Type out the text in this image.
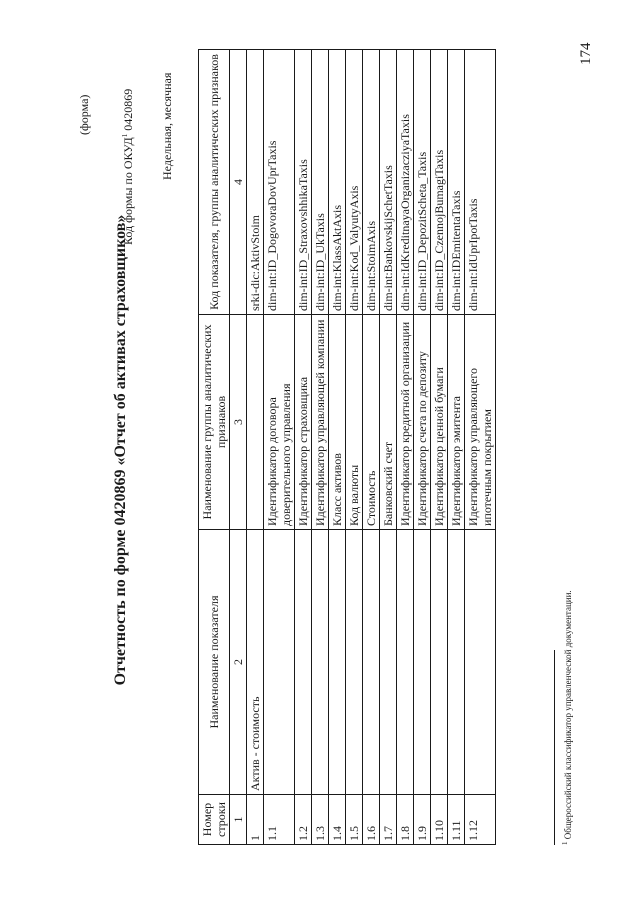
(форма)
Отчетность по форме 0420869 «Отчет об активах страховщиков»
Код формы по ОКУД$^1$ 0420869 Недельная, месячная
Номер строки	Наименование показателя	Наименование группы аналитических признаков	Код показателя, группы аналитических признаков
1	2	3	4
1	Актив - стоимость		srki-dic:AktivStoim
1.1		Идентификатор договора доверительного управления	dim-int:ID_DogovoraDovUprTaxis
1.2		Идентификатор страховщика	dim-int:ID_StraxovshhikaTaxis
1.3		Идентификатор управляющей компании	dim-int:ID_UkTaxis
1.4		Класс активов	dim-int:KlassAktAxis
1.5		Код валюты	dim-int:Kod_ValyutyAxis
1.6		Стоимость	dim-int:StoimAxis
1.7		Банковский счет	dim-int:BankovskijSchetTaxis
1.8		Идентификатор кредитной организации	dim-int:IdKreditnayaOrganizacziyaTaxis
1.9		Идентификатор счета по депозиту	dim-int:ID_DepozitScheta_Taxis
1.10		Идентификатор ценной бумаги	dim-int:ID_CzennojBumagiTaxis
1.11		Идентификатор эмитента	dim-int:IDEmitentaTaxis
1.12		Идентификатор управляющего ипотечным покрытием	dim-int:IdUprIpotTaxis
174
$^1$ Общероссийский классификатор управленческой документации.
